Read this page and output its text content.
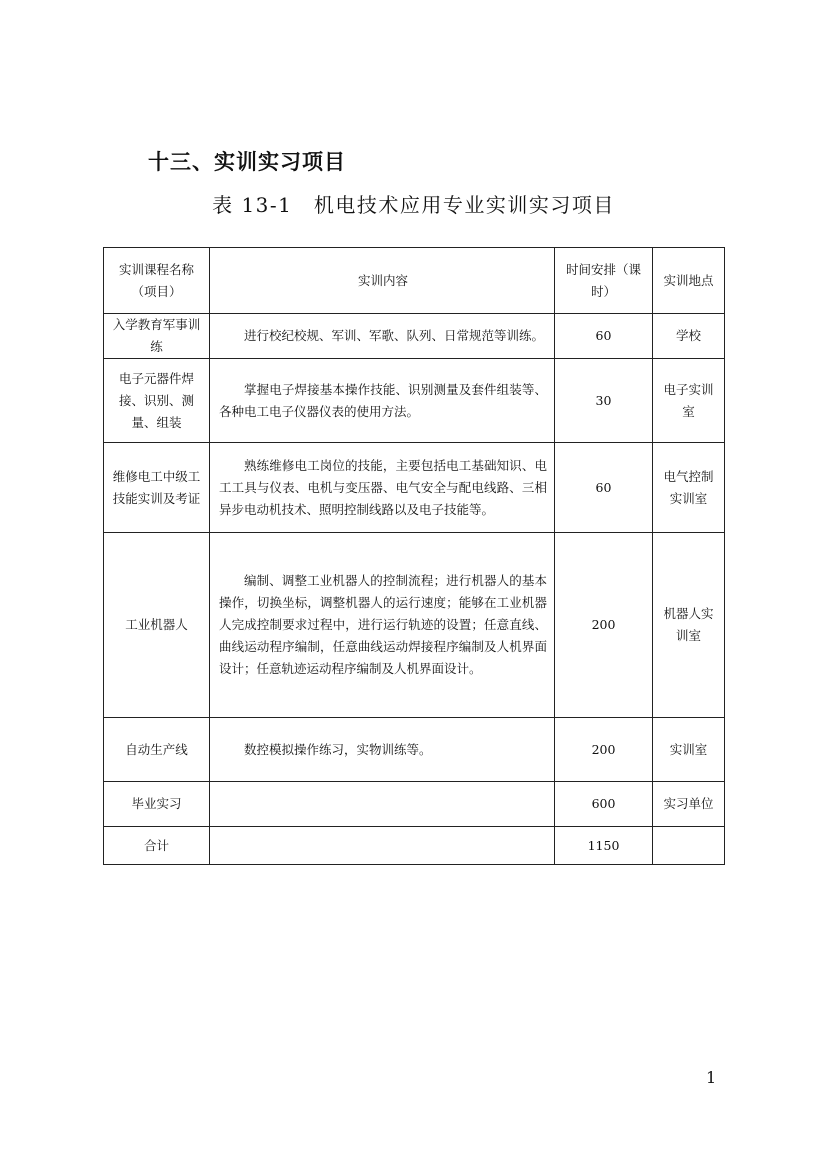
十三、实训实习项目
表 13-1　机电技术应用专业实训实习项目
实训课程名称（项目）	实训内容	时间安排（课时）	实训地点
入学教育军事训练	进行校纪校规、军训、军歌、队列、日常规范等训练。	60	学校
电子元器件焊接、识别、测量、组装	掌握电子焊接基本操作技能、识别测量及套件组装等、各种电工电子仪器仪表的使用方法。	30	电子实训室
维修电工中级工技能实训及考证	熟练维修电工岗位的技能，主要包括电工基础知识、电工工具与仪表、电机与变压器、电气安全与配电线路、三相异步电动机技术、照明控制线路以及电子技能等。	60	电气控制实训室
工业机器人	编制、调整工业机器人的控制流程；进行机器人的基本操作，切换坐标，调整机器人的运行速度；能够在工业机器人完成控制要求过程中，进行运行轨迹的设置；任意直线、曲线运动程序编制，任意曲线运动焊接程序编制及人机界面设计；任意轨迹运动程序编制及人机界面设计。	200	机器人实训室
自动生产线	数控模拟操作练习，实物训练等。	200	实训室
毕业实习		600	实习单位
合计		1150	
1
